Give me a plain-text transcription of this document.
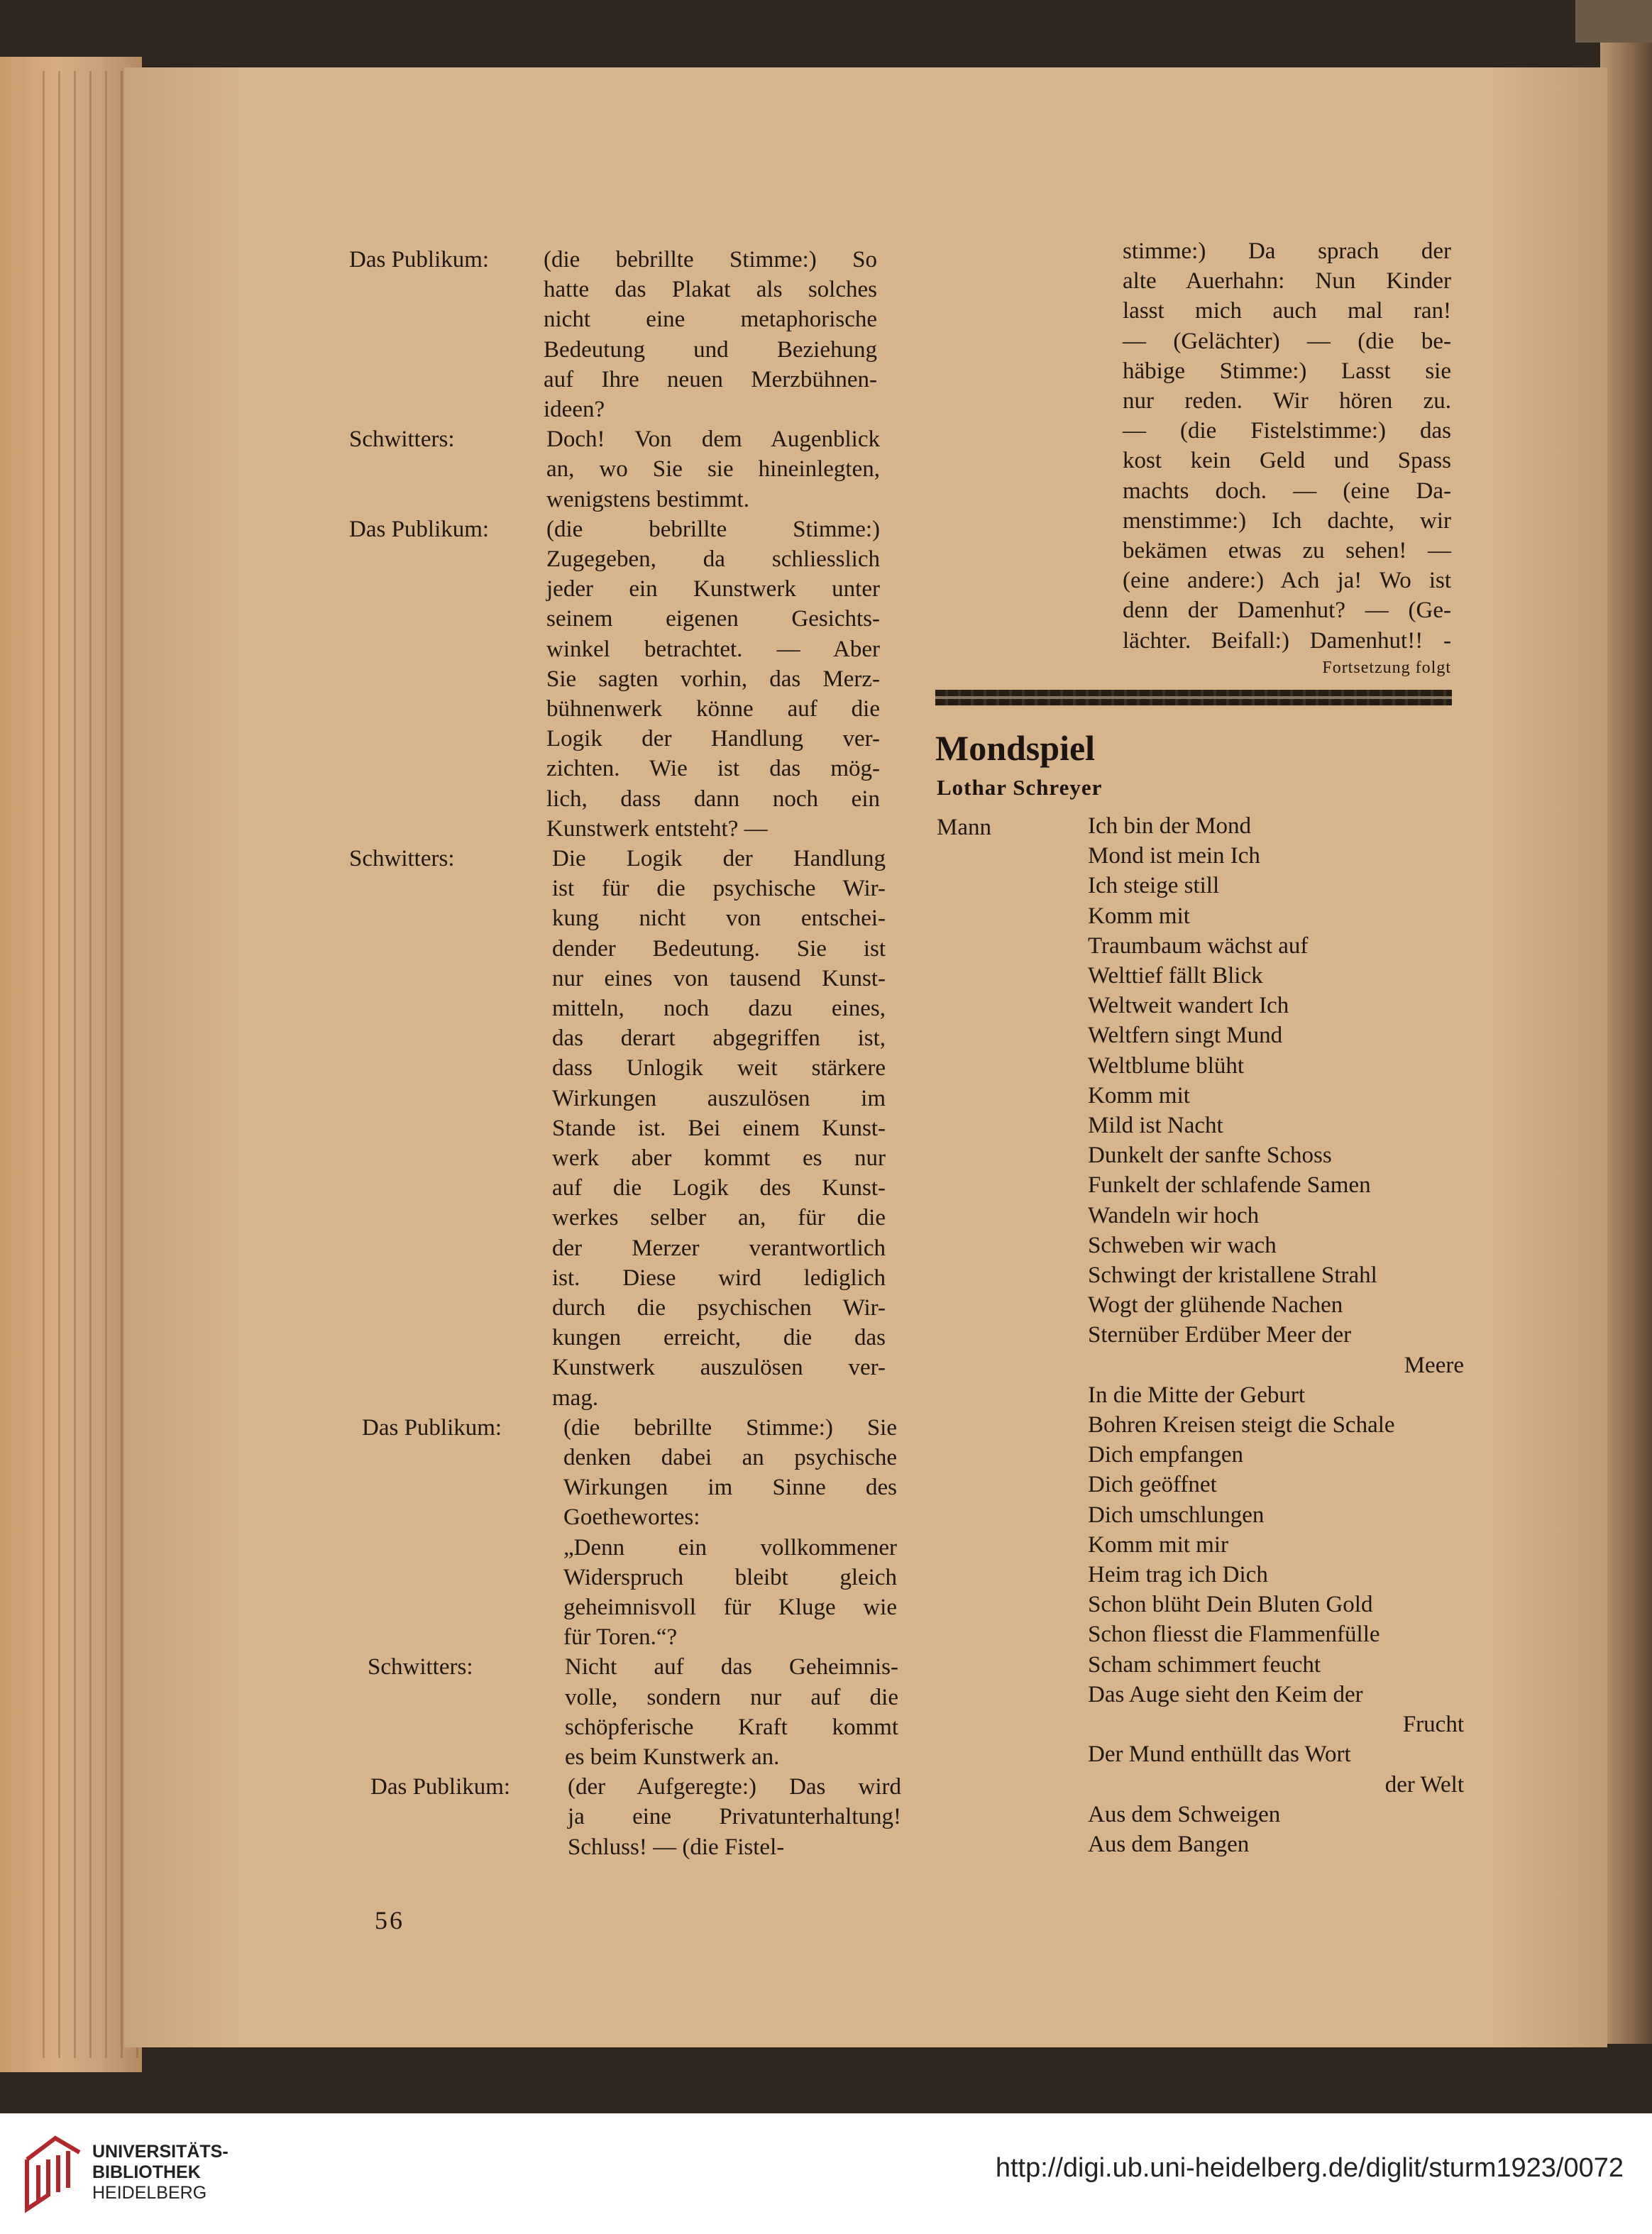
Das Publikum: (die bebrillte Stimme:) So
hatte das Plakat als solches
nicht eine metaphorische
Bedeutung und Beziehung
auf Ihre neuen Merzbühnen-
ideen?
Schwitters:	Doch! Von dem Augenblick
an, wo Sie sie hineinlegten,
wenigstens bestimmt.
Das Publikum: (die bebrillte Stimme:)
Zugegeben, da schliesslich
jeder ein Kunstwerk unter
seinem eigenen Gesichts-
winkel betrachtet. — Aber
Sie sagten vorhin, das Merz-
bühnenwerk könne auf die
Logik der Handlung ver-
zichten. Wie ist das mög-
lich, dass dann noch ein
Kunstwerk entsteht? —
Schwitters:	Die Logik der Handlung
ist für die psychische Wir-
kung nicht von entschei-
dender Bedeutung. Sie ist
nur eines von tausend Kunst-
mitteln, noch dazu eines,
das derart abgegriffen ist,
dass Unlogik weit stärkere
Wirkungen auszulösen im
Stande ist. Bei einem Kunst-
werk aber kommt es nur
auf die Logik des Kunst-
werkes selber an, für die
der Merzer verantwortlich
ist. Diese wird lediglich
durch die psychischen Wir-
kungen erreicht, die das
Kunstwerk auszulösen ver-
mag.
Das Publikum:	(die bebrillte Stimme:) Sie
denken dabei an psychische
Wirkungen im Sinne des
Goethewortes:
„Denn ein vollkommener
Widerspruch bleibt gleich
geheimnisvoll für Kluge wie
für Toren.“?
Schwitters:	Nicht auf das Geheimnis-
volle, sondern nur auf die
schöpferische Kraft kommt
es beim Kunstwerk an.
Das Publikum: (der Aufgeregte:) Das wird
ja eine Privatunterhaltung!
Schluss! — (die Fistel-
stimme:) Da sprach der
alte Auerhahn: Nun Kinder
lasst mich auch mal ran!
— (Gelächter) — (die be-
häbige Stimme:) Lasst sie
nur reden. Wir hören zu.
— (die Fistelstimme:) das
kost kein Geld und Spass
machts doch. — (eine Da-
menstimme:) Ich dachte, wir
bekämen etwas zu sehen! —
(eine andere:) Ach ja! Wo ist
denn der Damenhut? — (Ge-
lächter. Beifall:) Damenhut!! -
Fortsetzung folgt
Mondspiel
Lothar Schreyer
Mann	Ich bin der Mond
Mond ist mein Ich
Ich steige still
Komm mit
Traumbaum wächst auf
Welttief fällt Blick
Weltweit wandert Ich
Weltfern singt Mund
Weltblume blüht
Komm mit
Mild ist Nacht
Dunkelt der sanfte Schoss
Funkelt der schlafende Samen
Wandeln wir hoch
Schweben wir wach
Schwingt der kristallene Strahl
Wogt der glühende Nachen
Sternüber Erdüber Meer der
Meere
In die Mitte der Geburt
Bohren Kreisen steigt die Schale
Dich empfangen
Dich geöffnet
Dich umschlungen
Komm mit mir
Heim trag ich Dich
Schon blüht Dein Bluten Gold
Schon fliesst die Flammenfülle
Scham schimmert feucht
Das Auge sieht den Keim der
Frucht
Der Mund enthüllt das Wort
der Welt
Aus dem Schweigen
Aus dem Bangen
56
UNIVERSITÄTS-
BIBLIOTHEK
HEIDELBERG
http://digi.ub.uni-heidelberg.de/diglit/sturm1923/0072
